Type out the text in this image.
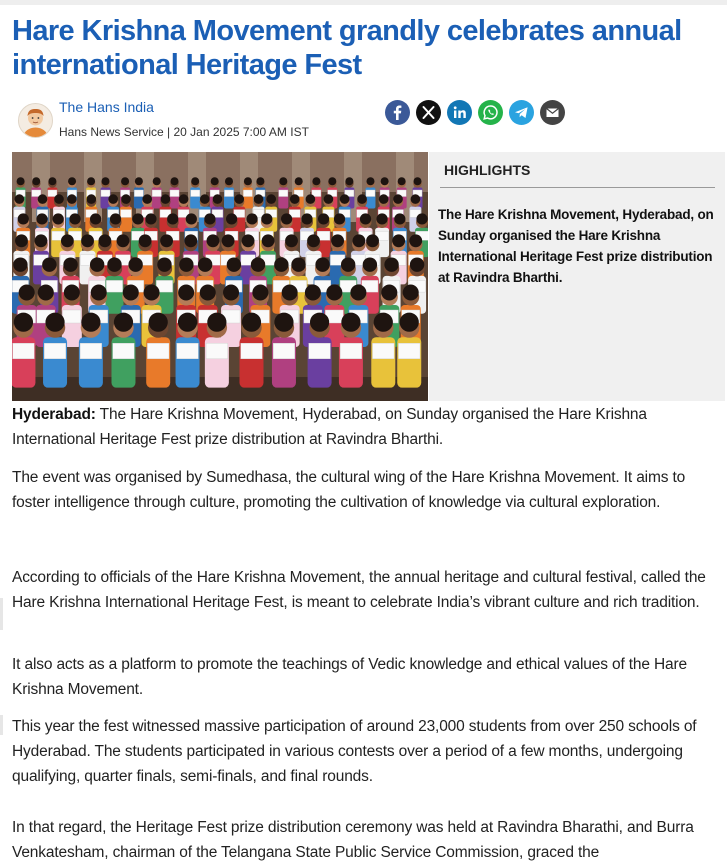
Hare Krishna Movement grandly celebrates annual international Heritage Fest
The Hans India
Hans News Service | 20 Jan 2025 7:00 AM IST
HIGHLIGHTS

The Hare Krishna Movement, Hyderabad, on Sunday organised the Hare Krishna International Heritage Fest prize distribution at Ravindra Bharthi.

Hyderabad: The Hare Krishna Movement, Hyderabad, on Sunday organised the Hare Krishna International Heritage Fest prize distribution at Ravindra Bharthi.

The event was organised by Sumedhasa, the cultural wing of the Hare Krishna Movement. It aims to foster intelligence through culture, promoting the cultivation of knowledge via cultural exploration.

According to officials of the Hare Krishna Movement, the annual heritage and cultural festival, called the Hare Krishna International Heritage Fest, is meant to celebrate India’s vibrant culture and rich tradition.

It also acts as a platform to promote the teachings of Vedic knowledge and ethical values of the Hare Krishna Movement.

This year the fest witnessed massive participation of around 23,000 students from over 250 schools of Hyderabad. The students participated in various contests over a period of a few months, undergoing qualifying, quarter finals, semi-finals, and final rounds.

In that regard, the Heritage Fest prize distribution ceremony was held at Ravindra Bharathi, and Burra Venkatesham, chairman of the Telangana State Public Service Commission, graced the
